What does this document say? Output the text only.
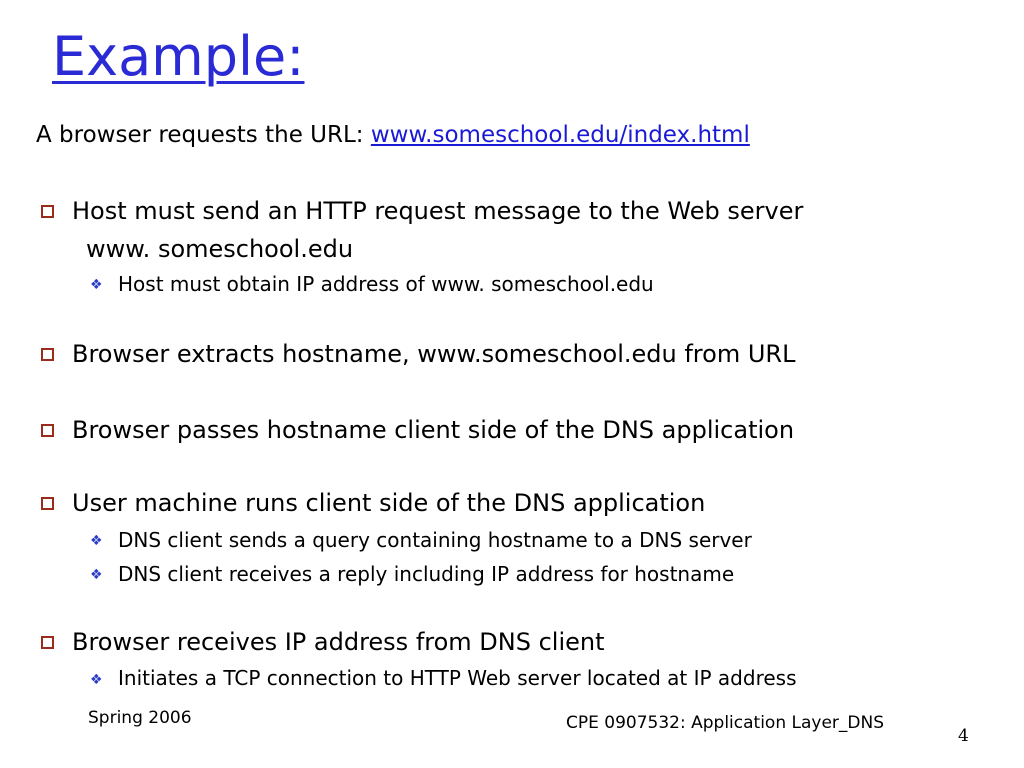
Example:
A browser requests the URL: www.someschool.edu/index.html
Host must send an HTTP request message to the Web server
www. someschool.edu
❖ Host must obtain IP address of www. someschool.edu
Browser extracts hostname, www.someschool.edu from URL
Browser passes hostname client side of the DNS application
User machine runs client side of the DNS application
❖ DNS client sends a query containing hostname to a DNS server
❖ DNS client receives a reply including IP address for hostname
Browser receives IP address from DNS client
❖ Initiates a TCP connection to HTTP Web server located at IP address
Spring 2006	CPE 0907532: Application Layer_DNS
4
